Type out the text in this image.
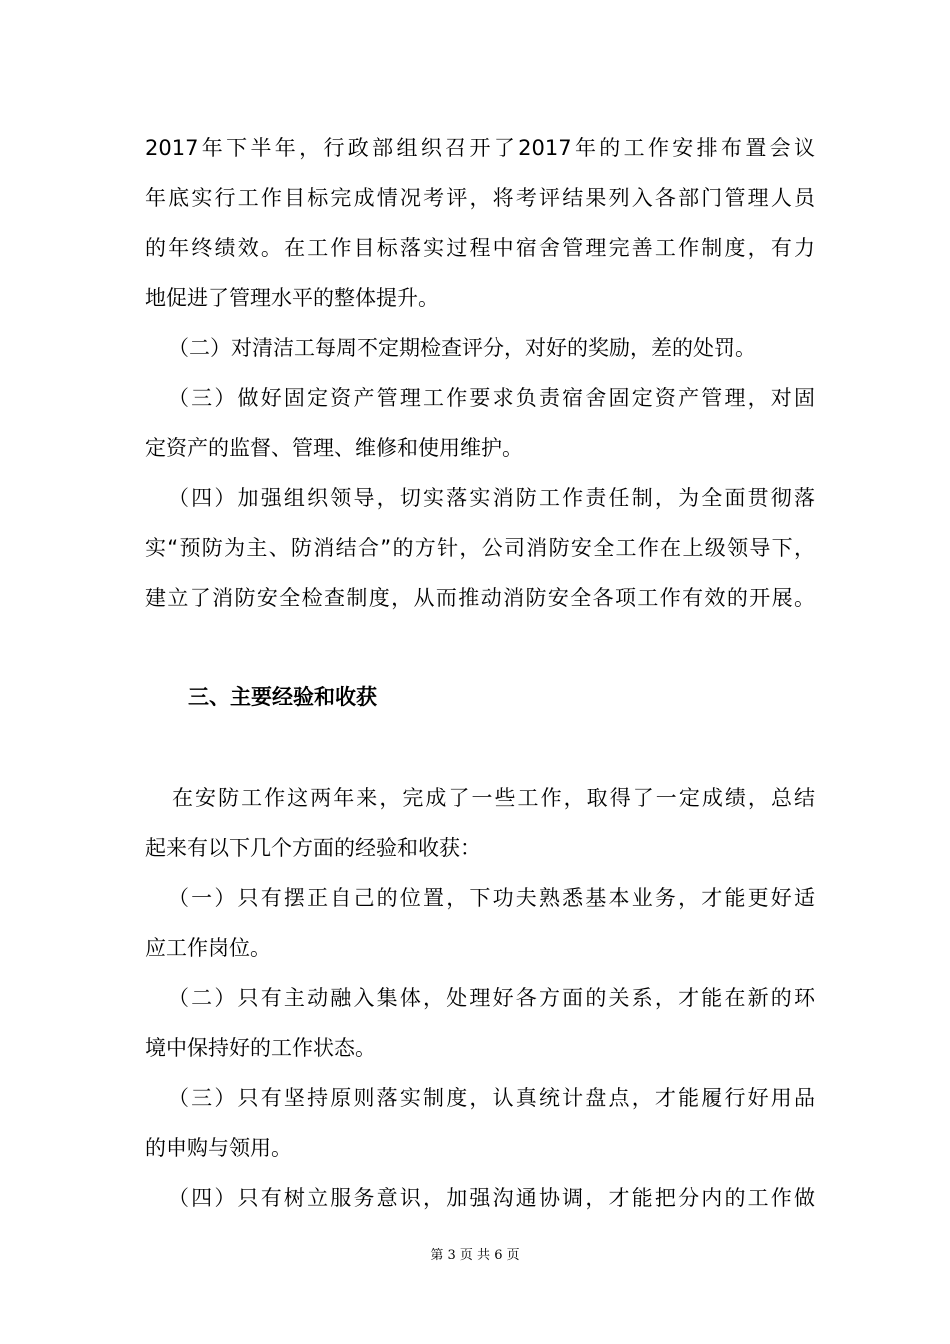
2017年下半年，行政部组织召开了2017年的工作安排布置会议
年底实行工作目标完成情况考评，将考评结果列入各部门管理人员
的年终绩效。在工作目标落实过程中宿舍管理完善工作制度，有力
地促进了管理水平的整体提升。
（二）对清洁工每周不定期检查评分，对好的奖励，差的处罚。
（三）做好固定资产管理工作要求负责宿舍固定资产管理，对固
定资产的监督、管理、维修和使用维护。
（四）加强组织领导，切实落实消防工作责任制，为全面贯彻落
实“预防为主、防消结合”的方针，公司消防安全工作在上级领导下，
建立了消防安全检查制度，从而推动消防安全各项工作有效的开展。
三、主要经验和收获
在安防工作这两年来，完成了一些工作，取得了一定成绩，总结
起来有以下几个方面的经验和收获：
（一）只有摆正自己的位置，下功夫熟悉基本业务，才能更好适
应工作岗位。
（二）只有主动融入集体，处理好各方面的关系，才能在新的环
境中保持好的工作状态。
（三）只有坚持原则落实制度，认真统计盘点，才能履行好用品
的申购与领用。
（四）只有树立服务意识，加强沟通协调，才能把分内的工作做
第 3 页 共 6 页
